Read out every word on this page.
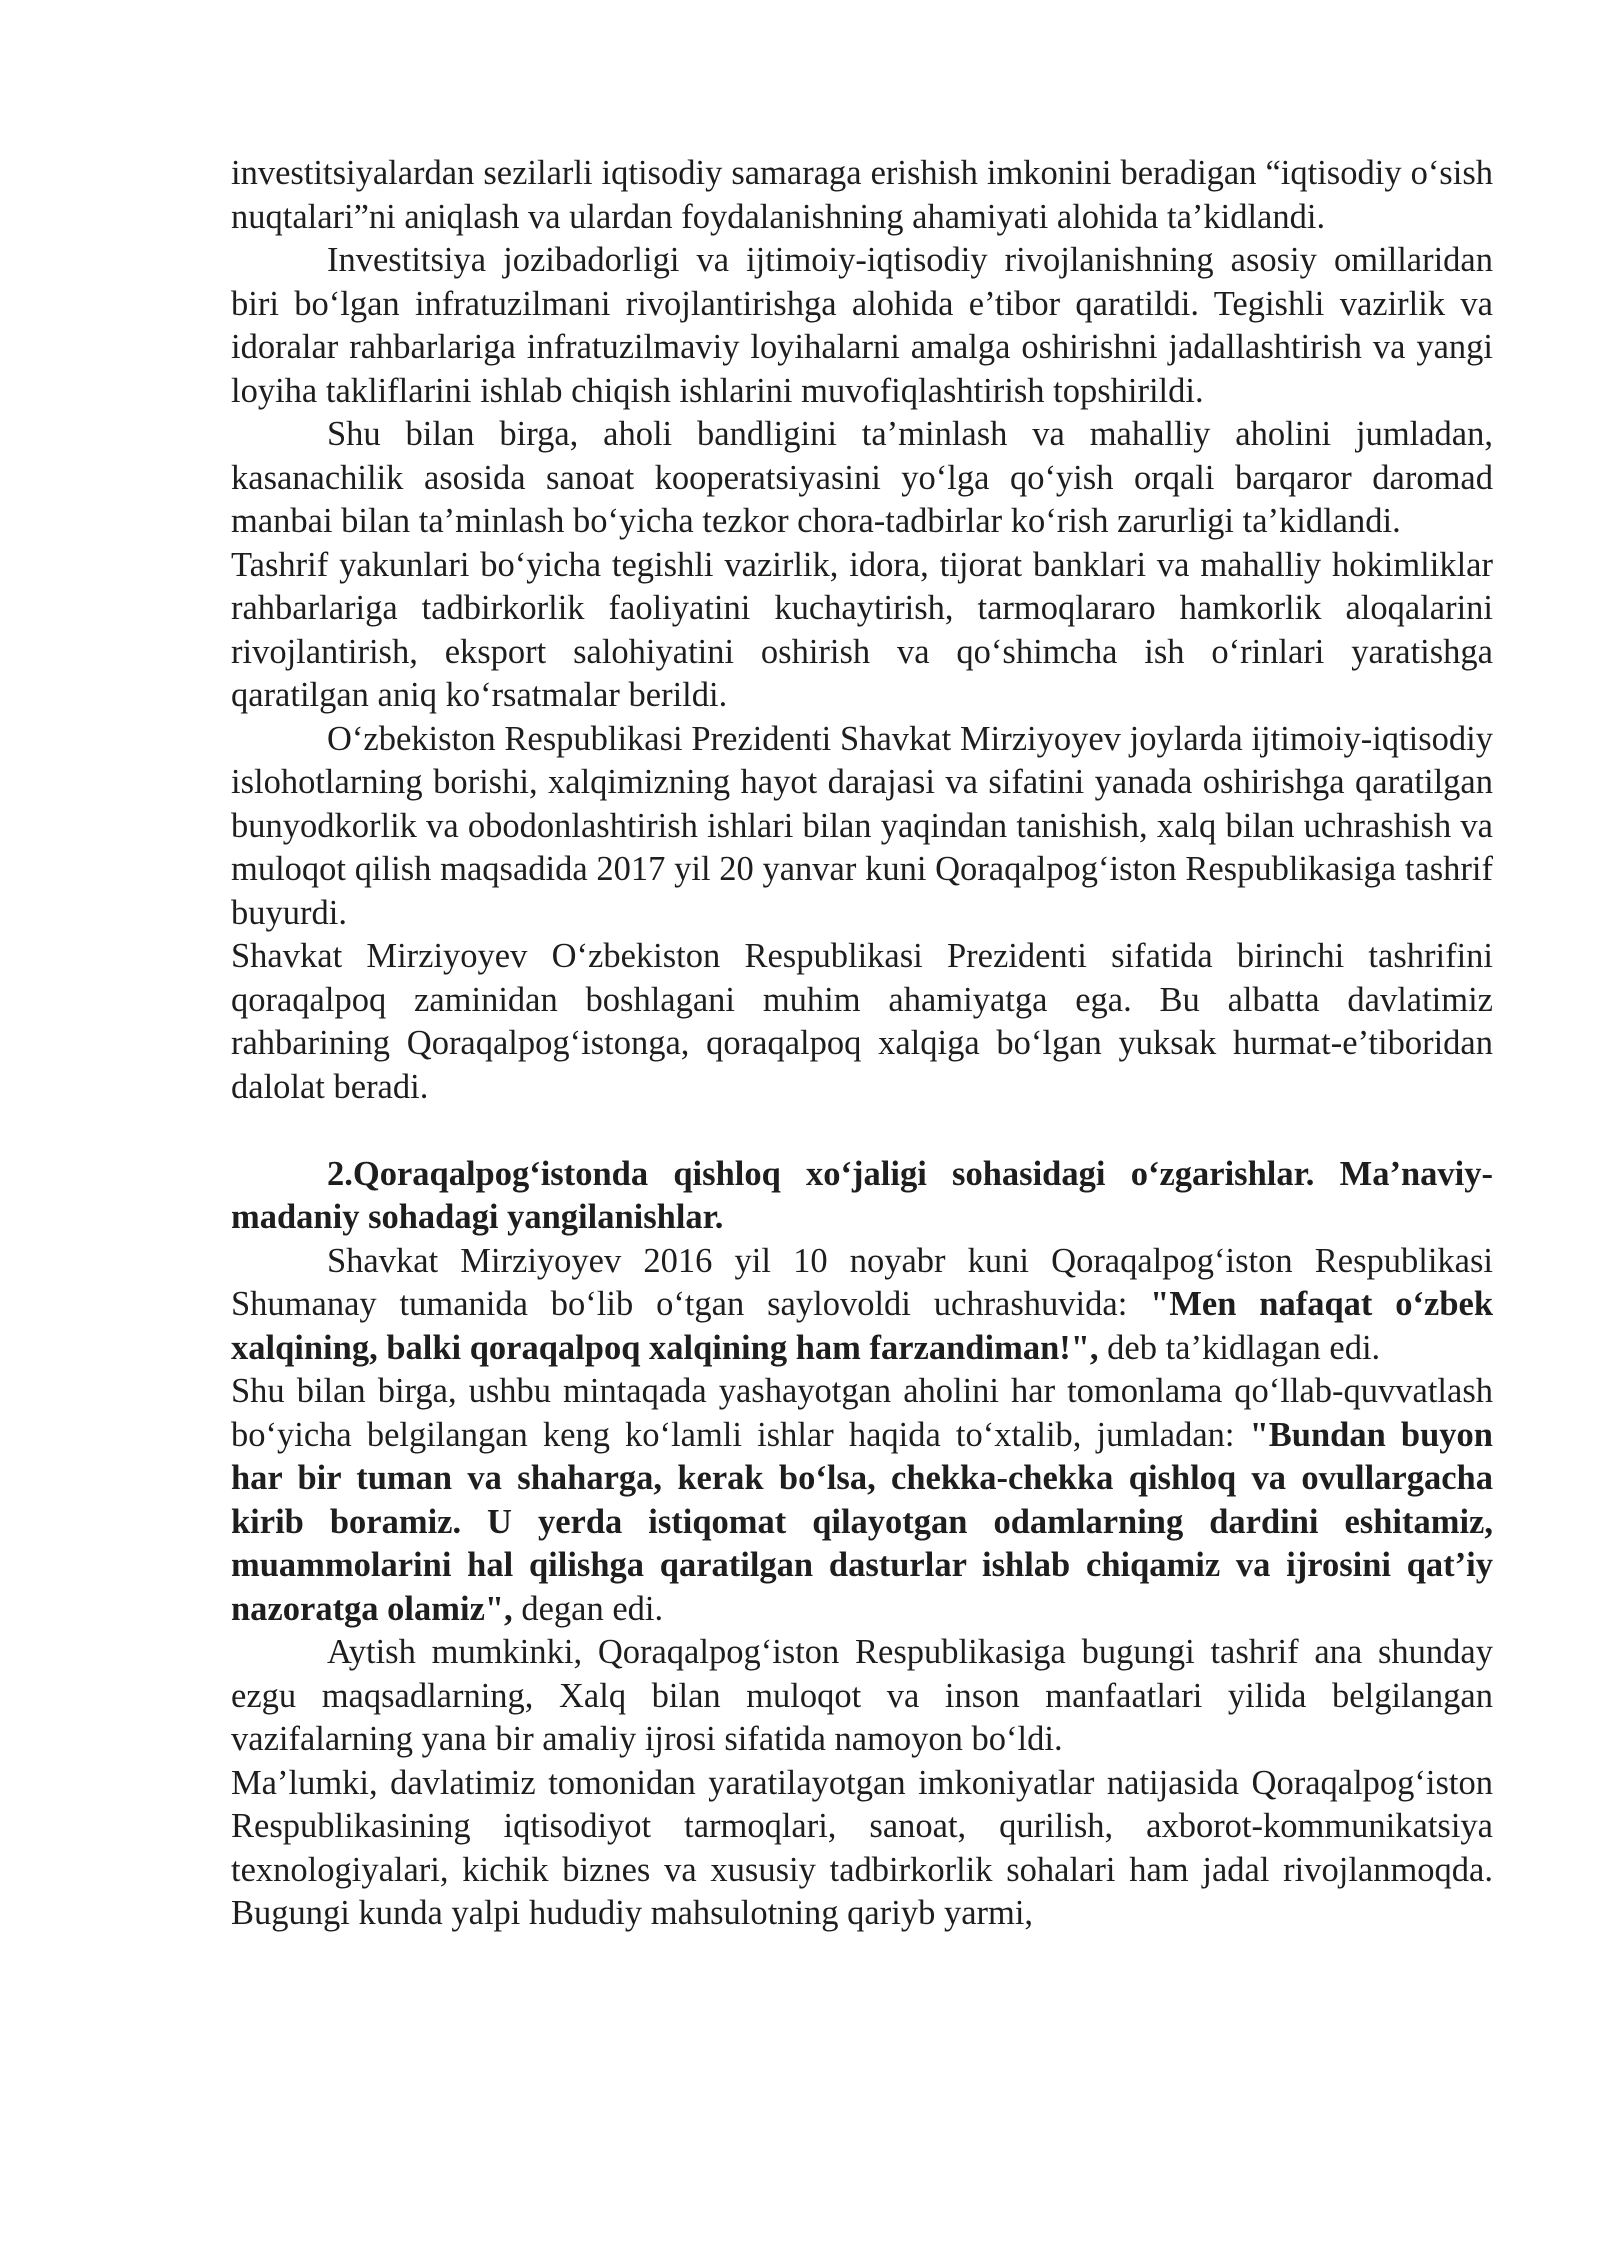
investitsiyalardan sezilarli iqtisodiy samaraga erishish imkonini beradigan “iqtisodiy o‘sish nuqtalari”ni aniqlash va ulardan foydalanishning ahamiyati alohida ta’kidlandi.

Investitsiya jozibadorligi va ijtimoiy-iqtisodiy rivojlanishning asosiy omillaridan biri bo‘lgan infratuzilmani rivojlantirishga alohida e’tibor qaratildi. Tegishli vazirlik va idoralar rahbarlariga infratuzilmaviy loyihalarni amalga oshirishni jadallashtirish va yangi loyiha takliflarini ishlab chiqish ishlarini muvofiqlashtirish topshirildi.

Shu bilan birga, aholi bandligini ta’minlash va mahalliy aholini jumladan, kasanachilik asosida sanoat kooperatsiyasini yo‘lga qo‘yish orqali barqaror daromad manbai bilan ta’minlash bo‘yicha tezkor chora-tadbirlar ko‘rish zarurligi ta’kidlandi.

Tashrif yakunlari bo‘yicha tegishli vazirlik, idora, tijorat banklari va mahalliy hokimliklar rahbarlariga tadbirkorlik faoliyatini kuchaytirish, tarmoqlararo hamkorlik aloqalarini rivojlantirish, eksport salohiyatini oshirish va qo‘shimcha ish o‘rinlari yaratishga qaratilgan aniq ko‘rsatmalar berildi.

O‘zbekiston Respublikasi Prezidenti Shavkat Mirziyoyev joylarda ijtimoiy-iqtisodiy islohotlarning borishi, xalqimizning hayot darajasi va sifatini yanada oshirishga qaratilgan bunyodkorlik va obodonlashtirish ishlari bilan yaqindan tanishish, xalq bilan uchrashish va muloqot qilish maqsadida 2017 yil 20 yanvar kuni Qoraqalpog‘iston Respublikasiga tashrif buyurdi.

Shavkat Mirziyoyev O‘zbekiston Respublikasi Prezidenti sifatida birinchi tashrifini qoraqalpoq zaminidan boshlagani muhim ahamiyatga ega. Bu albatta davlatimiz rahbarining Qoraqalpog‘istonga, qoraqalpoq xalqiga bo‘lgan yuksak hurmat-e’tiboridan dalolat beradi.

2.Qoraqalpog‘istonda qishloq xo‘jaligi sohasidagi o‘zgarishlar. Ma’naviy-madaniy sohadagi yangilanishlar.

Shavkat Mirziyoyev 2016 yil 10 noyabr kuni Qoraqalpog‘iston Respublikasi Shumanay tumanida bo‘lib o‘tgan saylovoldi uchrashuvida: "Men nafaqat o‘zbek xalqining, balki qoraqalpoq xalqining ham farzandiman!", deb ta’kidlagan edi.

Shu bilan birga, ushbu mintaqada yashayotgan aholini har tomonlama qo‘llab-quvvatlash bo‘yicha belgilangan keng ko‘lamli ishlar haqida to‘xtalib, jumladan: "Bundan buyon har bir tuman va shaharga, kerak bo‘lsa, chekka-chekka qishloq va ovullargacha kirib boramiz. U yerda istiqomat qilayotgan odamlarning dardini eshitamiz, muammolarini hal qilishga qaratilgan dasturlar ishlab chiqamiz va ijrosini qat’iy nazoratga olamiz", degan edi.

Aytish mumkinki, Qoraqalpog‘iston Respublikasiga bugungi tashrif ana shunday ezgu maqsadlarning, Xalq bilan muloqot va inson manfaatlari yilida belgilangan vazifalarning yana bir amaliy ijrosi sifatida namoyon bo‘ldi.

Ma’lumki, davlatimiz tomonidan yaratilayotgan imkoniyatlar natijasida Qoraqalpog‘iston Respublikasining iqtisodiyot tarmoqlari, sanoat, qurilish, axborot-kommunikatsiya texnologiyalari, kichik biznes va xususiy tadbirkorlik sohalari ham jadal rivojlanmoqda. Bugungi kunda yalpi hududiy mahsulotning qariyb yarmi,
